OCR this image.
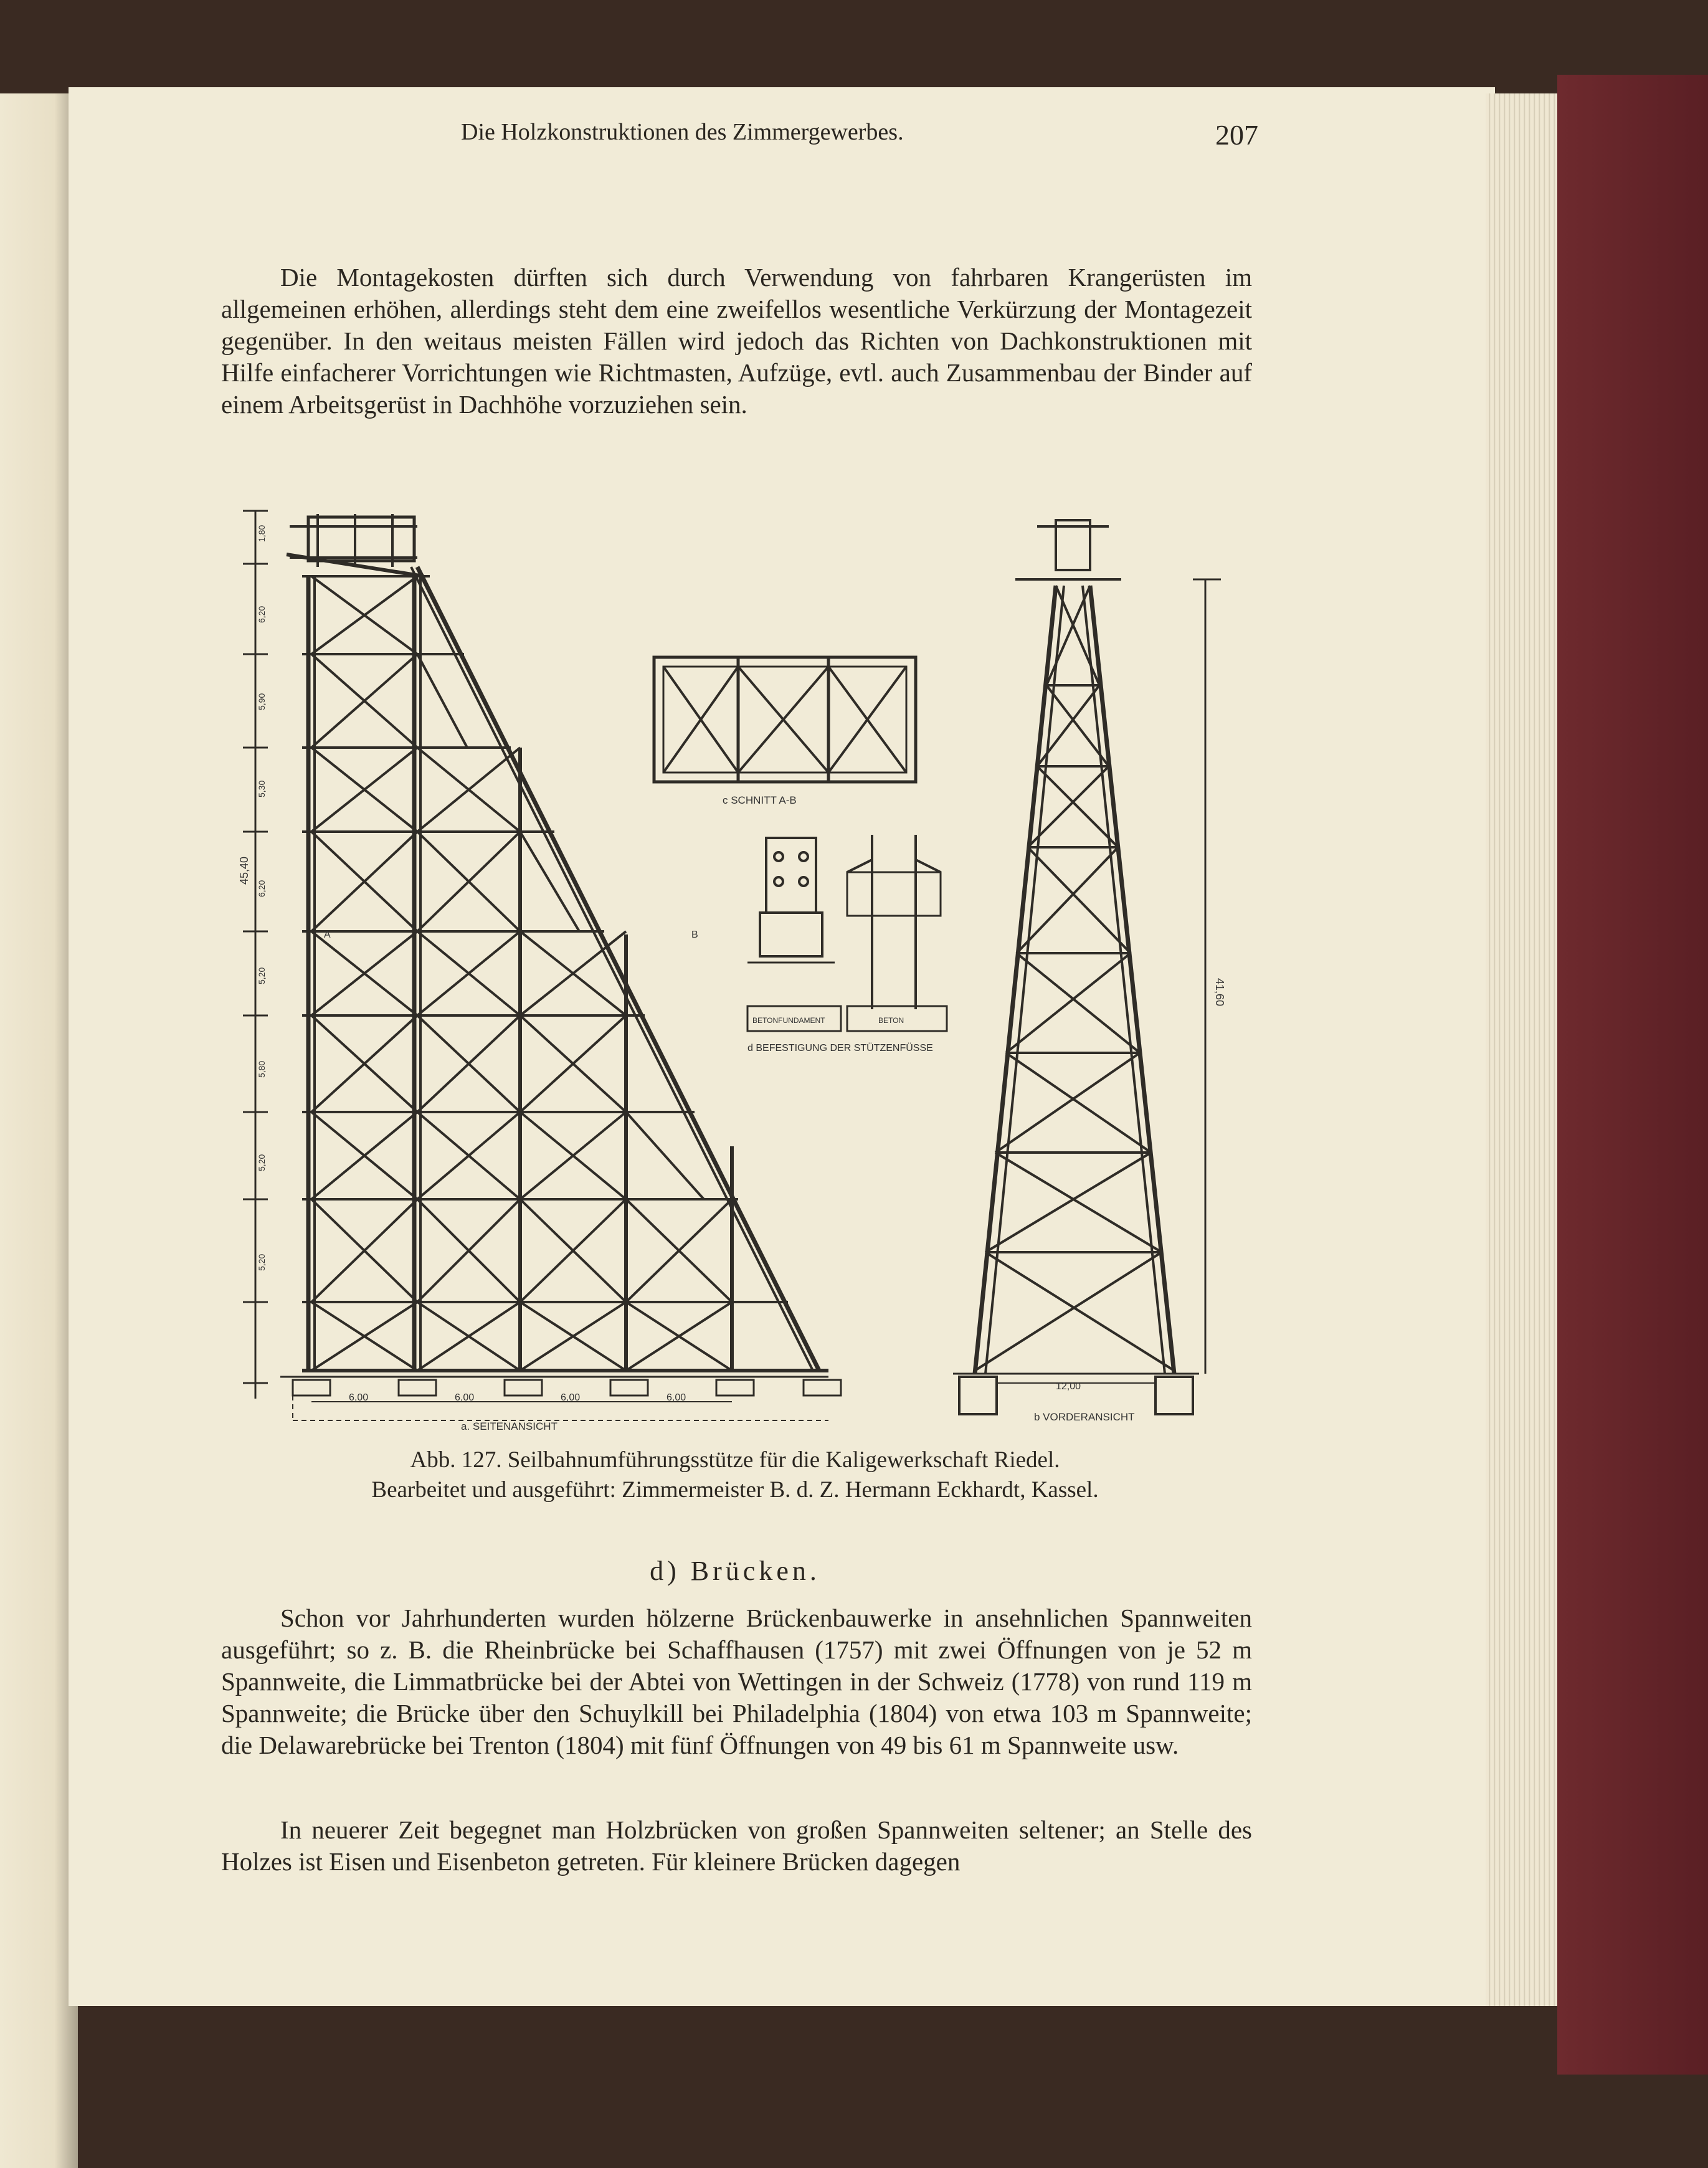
Die Holzkonstruktionen des Zimmergewerbes.	207
Die Montagekosten dürften sich durch Verwendung von fahrbaren Krangerüsten im allgemeinen erhöhen, allerdings steht dem eine zweifellos wesentliche Verkürzung der Montagezeit gegenüber. In den weitaus meisten Fällen wird jedoch das Richten von Dachkonstruktionen mit Hilfe einfacherer Vorrichtungen wie Richtmasten, Aufzüge, evtl. auch Zusammenbau der Binder auf einem Arbeitsgerüst in Dachhöhe vorzuziehen sein.
6,20
1,80
5,90
5,30
6,20
5,20
5,80
5,20
5,20
45,40
41,60
A	B
6,00	6,00	6,00	6,00
12,00
a. SEITENANSICHT
b VORDERANSICHT
c SCHNITT A-B
d BEFESTIGUNG DER STÜTZENFÜSSE
BETONFUNDAMENT	BETON
Abb. 127. Seilbahnumführungsstütze für die Kaligewerkschaft Riedel.
Bearbeitet und ausgeführt: Zimmermeister B. d. Z. Hermann Eckhardt, Kassel.
d) Brücken.
Schon vor Jahrhunderten wurden hölzerne Brückenbauwerke in ansehnlichen Spannweiten ausgeführt; so z. B. die Rheinbrücke bei Schaffhausen (1757) mit zwei Öffnungen von je 52 m Spannweite, die Limmatbrücke bei der Abtei von Wettingen in der Schweiz (1778) von rund 119 m Spannweite; die Brücke über den Schuylkill bei Philadelphia (1804) von etwa 103 m Spannweite; die Delawarebrücke bei Trenton (1804) mit fünf Öffnungen von 49 bis 61 m Spannweite usw.
In neuerer Zeit begegnet man Holzbrücken von großen Spannweiten seltener; an Stelle des Holzes ist Eisen und Eisenbeton getreten. Für kleinere Brücken dagegen
